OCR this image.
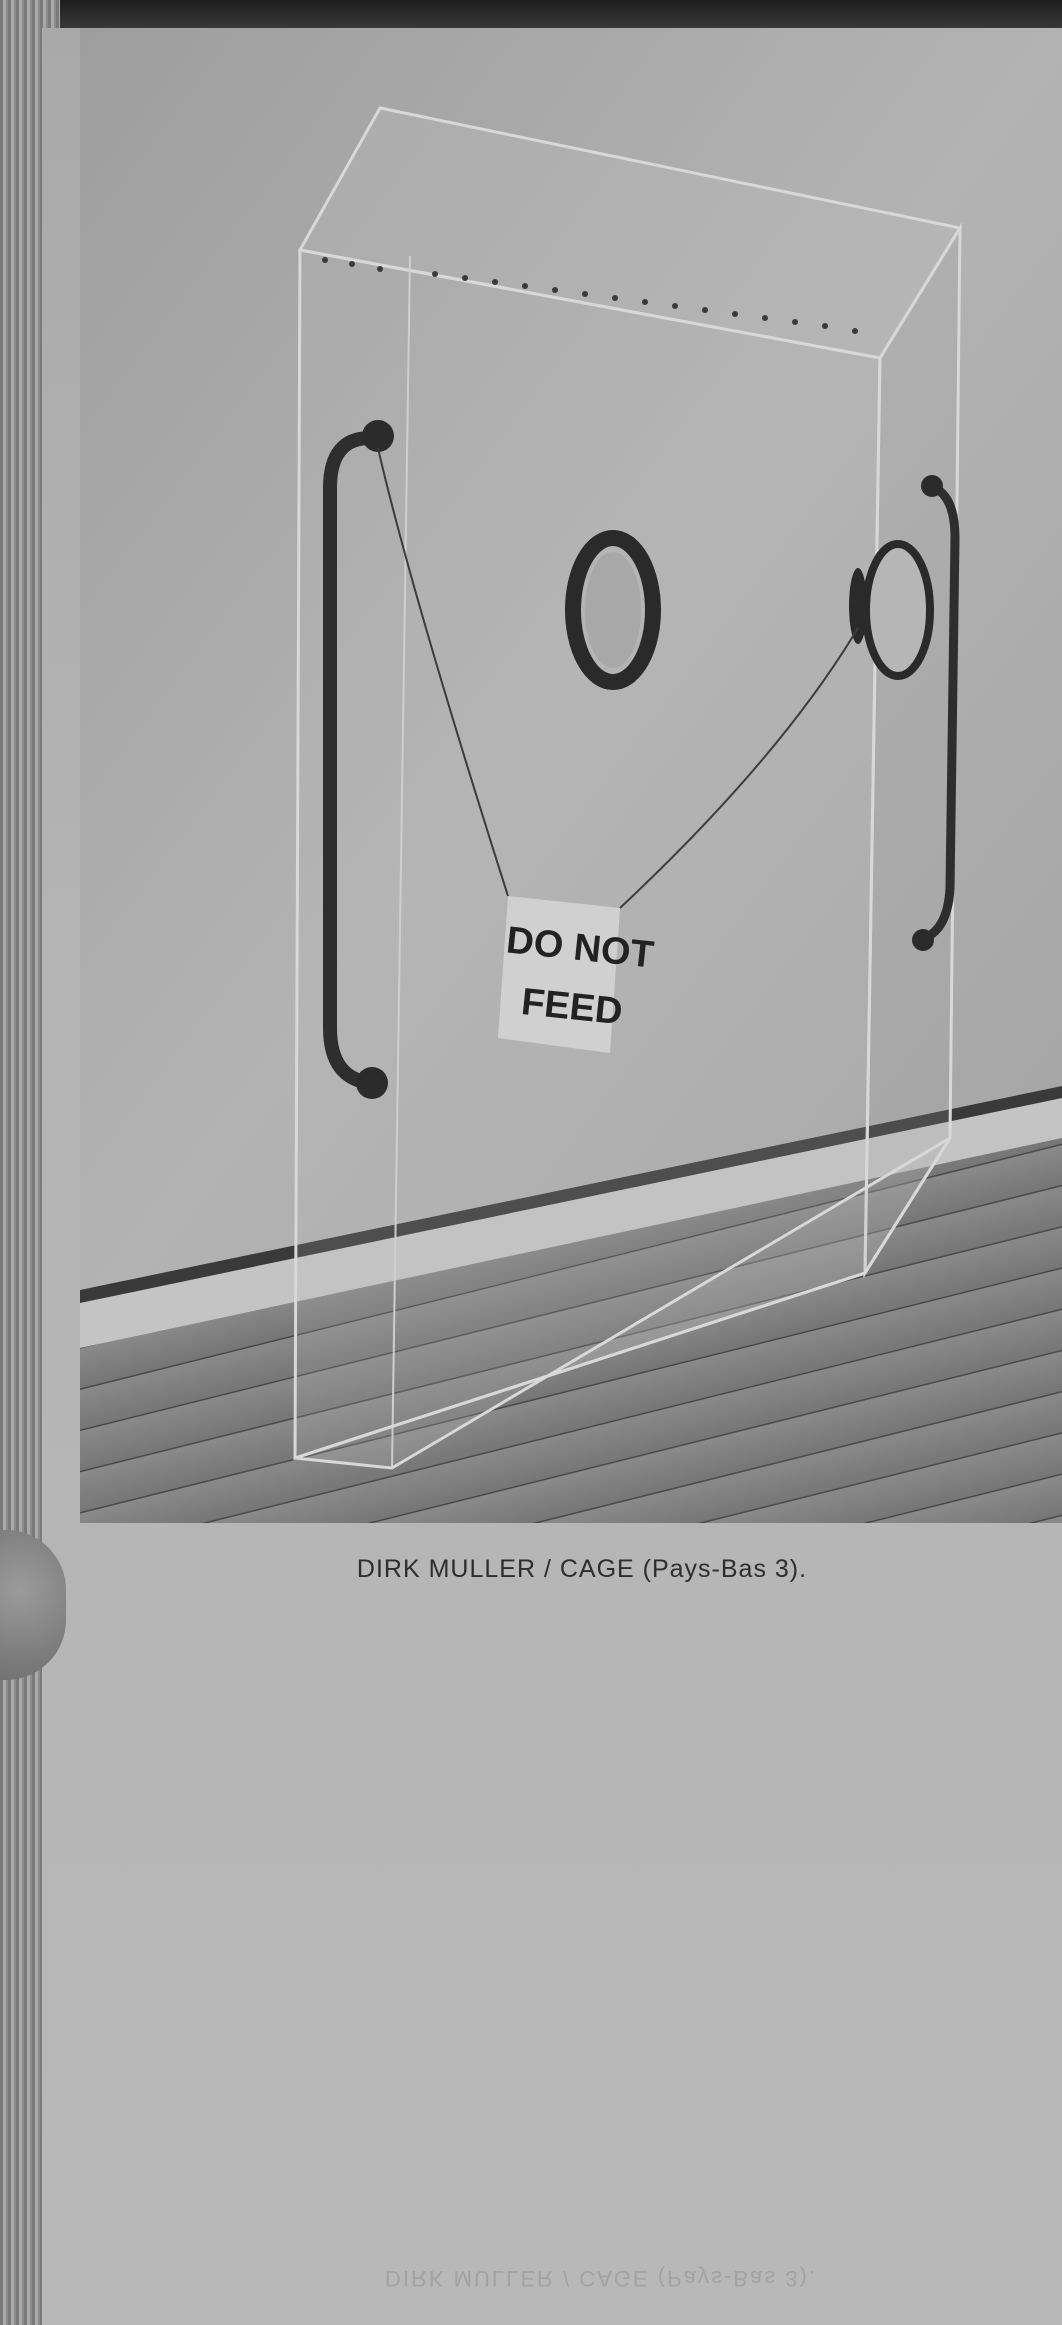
DO NOT
FEED
DIRK MULLER / CAGE (Pays-Bas 3).
DIRK MULLER / CAGE (Pays-Bas 3).
